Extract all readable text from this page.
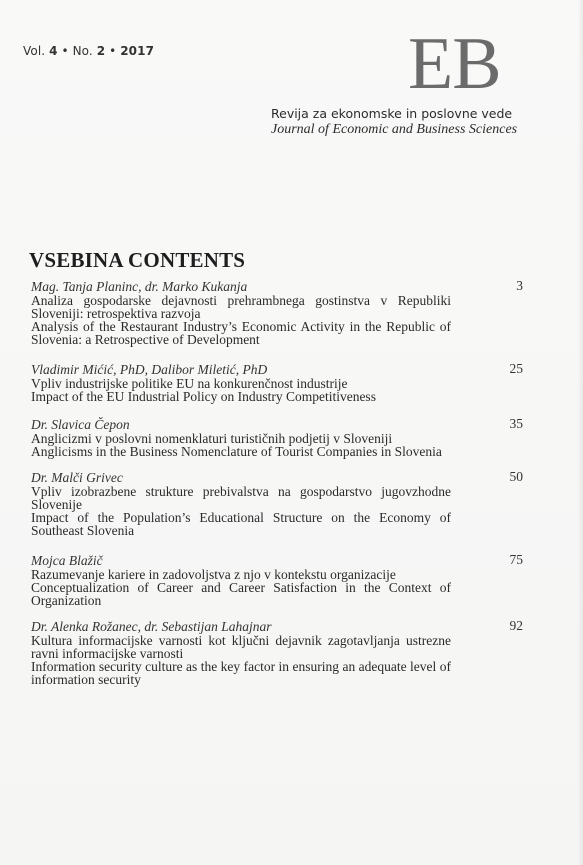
Vol. 4 • No. 2 • 2017	EB
Revija za ekonomske in poslovne vede
Journal of Economic and Business Sciences
VSEBINA CONTENTS
Mag. Tanja Planinc, dr. Marko Kukanja
Analiza gospodarske dejavnosti prehrambnega gostinstva v Republiki Sloveniji: retrospektiva razvoja
Analysis of the Restaurant Industry’s Economic Activity in the Republic of Slovenia: a Retrospective of Development
3
Vladimir Mićić, PhD, Dalibor Miletić, PhD
Vpliv industrijske politike EU na konkurenčnost industrije
Impact of the EU Industrial Policy on Industry Competitiveness
25
Dr. Slavica Čepon
Anglicizmi v poslovni nomenklaturi turističnih podjetij v Sloveniji
Anglicisms in the Business Nomenclature of Tourist Companies in Slovenia
35
Dr. Malči Grivec
Vpliv izobrazbene strukture prebivalstva na gospodarstvo jugovzhodne Slovenije
Impact of the Population’s Educational Structure on the Economy of Southeast Slovenia
50
Mojca Blažič
Razumevanje kariere in zadovoljstva z njo v kontekstu organizacije
Conceptualization of Career and Career Satisfaction in the Context of Organization
75
Dr. Alenka Rožanec, dr. Sebastijan Lahajnar
Kultura informacijske varnosti kot ključni dejavnik zagotavljanja ustrezne ravni informacijske varnosti
Information security culture as the key factor in ensuring an adequate level of information security
92
